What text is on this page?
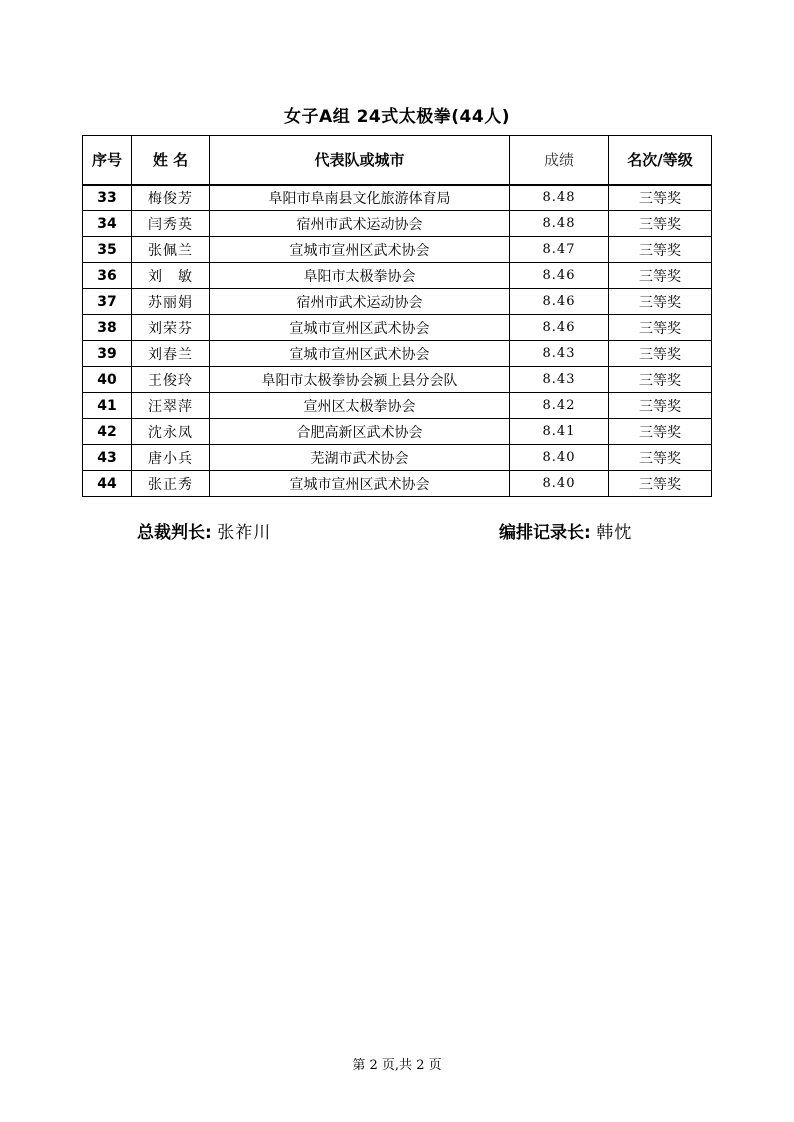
女子A组 24式太极拳(44人)
序号	姓 名	代表队或城市	成绩	名次/等级
33	梅俊芳	阜阳市阜南县文化旅游体育局	8.48	三等奖
34	闫秀英	宿州市武术运动协会	8.48	三等奖
35	张佩兰	宣城市宣州区武术协会	8.47	三等奖
36	刘　敏	阜阳市太极拳协会	8.46	三等奖
37	苏丽娟	宿州市武术运动协会	8.46	三等奖
38	刘荣芬	宣城市宣州区武术协会	8.46	三等奖
39	刘春兰	宣城市宣州区武术协会	8.43	三等奖
40	王俊玲	阜阳市太极拳协会颍上县分会队	8.43	三等奖
41	汪翠萍	宣州区太极拳协会	8.42	三等奖
42	沈永凤	合肥高新区武术协会	8.41	三等奖
43	唐小兵	芜湖市武术协会	8.40	三等奖
44	张正秀	宣城市宣州区武术协会	8.40	三等奖
总裁判长: 张祚川	编排记录长: 韩忱
第 2 页,共 2 页
